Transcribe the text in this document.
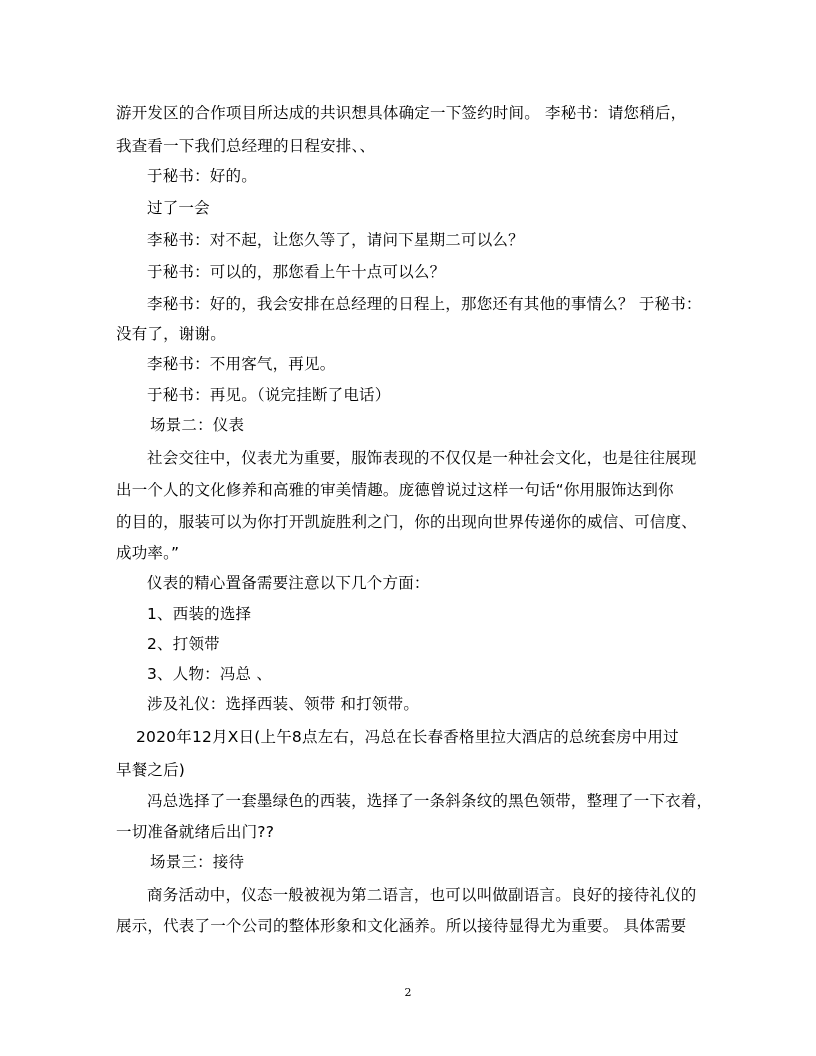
游开发区的合作项目所达成的共识想具体确定一下签约时间。 李秘书：请您稍后，
我查看一下我们总经理的日程安排、、
于秘书：好的。
过了一会
李秘书：对不起，让您久等了，请问下星期二可以么？
于秘书：可以的，那您看上午十点可以么？
李秘书：好的，我会安排在总经理的日程上，那您还有其他的事情么？ 于秘书：
没有了，谢谢。
李秘书：不用客气，再见。
于秘书：再见。（说完挂断了电话）
场景二：仪表
社会交往中，仪表尤为重要，服饰表现的不仅仅是一种社会文化，也是往往展现
出一个人的文化修养和高雅的审美情趣。庞德曾说过这样一句话“你用服饰达到你
的目的，服装可以为你打开凯旋胜利之门，你的出现向世界传递你的威信、可信度、
成功率。”
仪表的精心置备需要注意以下几个方面：
1、西装的选择
2、打领带
3、人物：冯总 、
涉及礼仪：选择西装、领带 和打领带。
2020年12月X日(上午8点左右，冯总在长春香格里拉大酒店的总统套房中用过
早餐之后)
冯总选择了一套墨绿色的西装，选择了一条斜条纹的黑色领带，整理了一下衣着，
一切准备就绪后出门??
场景三：接待
商务活动中，仪态一般被视为第二语言，也可以叫做副语言。良好的接待礼仪的
展示，代表了一个公司的整体形象和文化涵养。所以接待显得尤为重要。 具体需要
2
